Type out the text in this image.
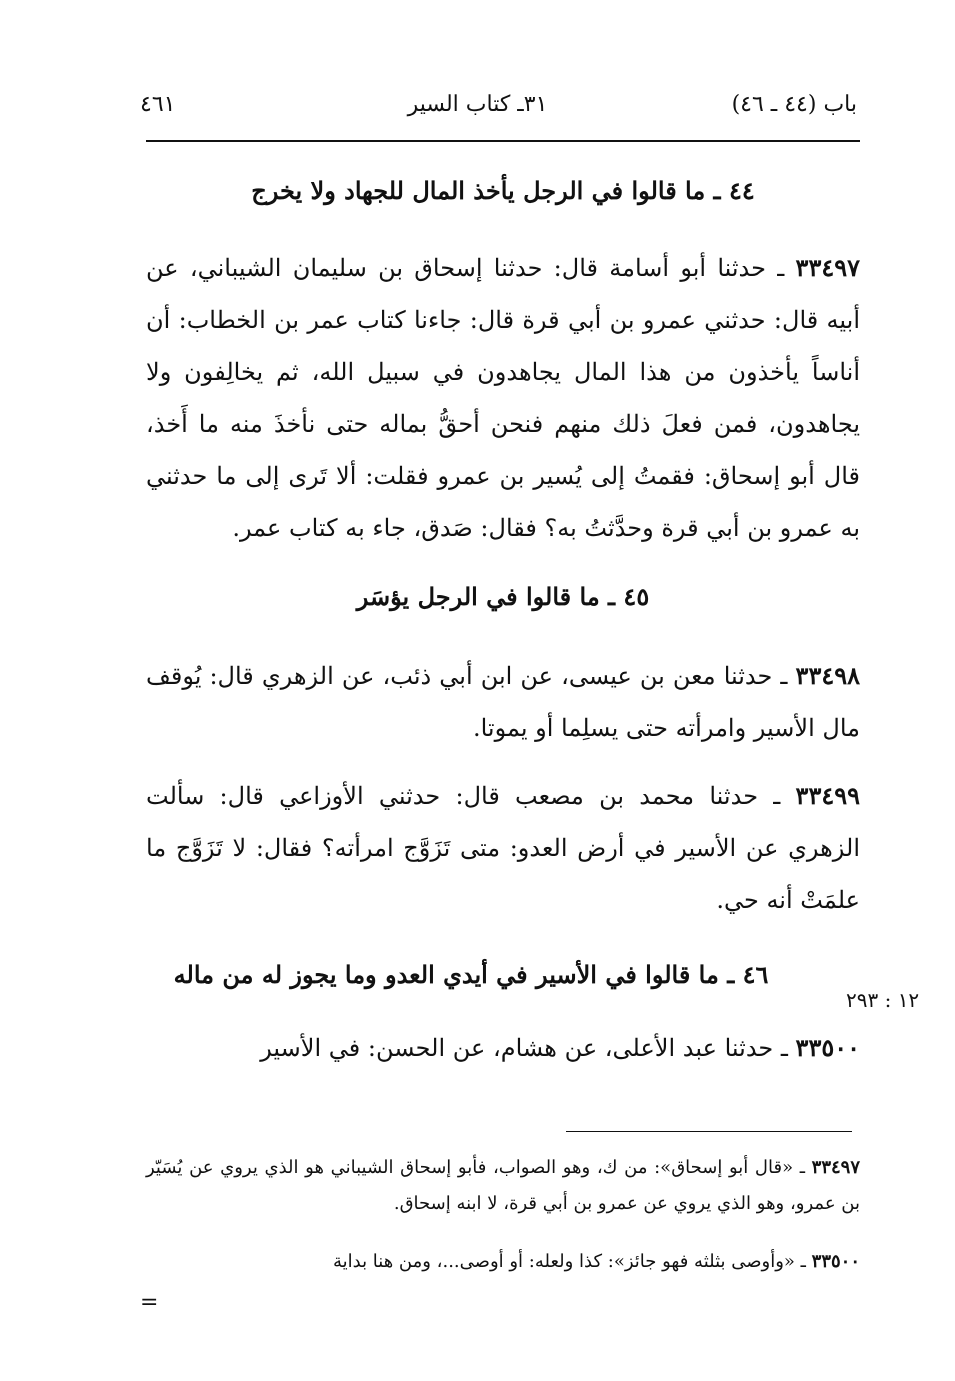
باب (٤٤ ـ ٤٦)
٣١ـ كتاب السير
٤٦١
٤٤ ـ ما قالوا في الرجل يأخذ المال للجهاد ولا يخرج
٣٣٤٩٧ ـ حدثنا أبو أسامة قال: حدثنا إسحاق بن سليمان الشيباني، عن أبيه قال: حدثني عمرو بن أبي قرة قال: جاءنا كتاب عمر بن الخطاب: أن أناساً يأخذون من هذا المال يجاهدون في سبيل الله، ثم يخالِفون ولا يجاهدون، فمن فعلَ ذلك منهم فنحن أحقُّ بماله حتى نأخذَ منه ما أَخذ، قال أبو إسحاق: فقمتُ إلى يُسير بن عمرو فقلت: ألا تَرى إلى ما حدثني به عمرو بن أبي قرة وحدَّثتُ به؟ فقال: صَدق، جاء به كتاب عمر.
٤٥ ـ ما قالوا في الرجل يؤسَر
٣٣٤٩٨ ـ حدثنا معن بن عيسى، عن ابن أبي ذئب، عن الزهري قال: يُوقف مال الأسير وامرأته حتى يسلِما أو يموتا.
٣٣٤٩٩ ـ حدثنا محمد بن مصعب قال: حدثني الأوزاعي قال: سألت الزهري عن الأسير في أرض العدو: متى تَزَوَّج امرأته؟ فقال: لا تَزَوَّج ما علمَتْ أنه حي.
٤٦ ـ ما قالوا في الأسير في أيدي العدو وما يجوز له من ماله
١٢ : ٢٩٣
٣٣٥٠٠ ـ حدثنا عبد الأعلى، عن هشام، عن الحسن: في الأسير
٣٣٤٩٧ ـ «قال أبو إسحاق»: من ك، وهو الصواب، فأبو إسحاق الشيباني هو الذي يروي عن يُسَيّر بن عمرو، وهو الذي يروي عن عمرو بن أبي قرة، لا ابنه إسحاق.
٣٣٥٠٠ ـ «وأوصى بثلثه فهو جائز»: كذا ولعله: أو أوصى...، ومن هنا بداية
=
